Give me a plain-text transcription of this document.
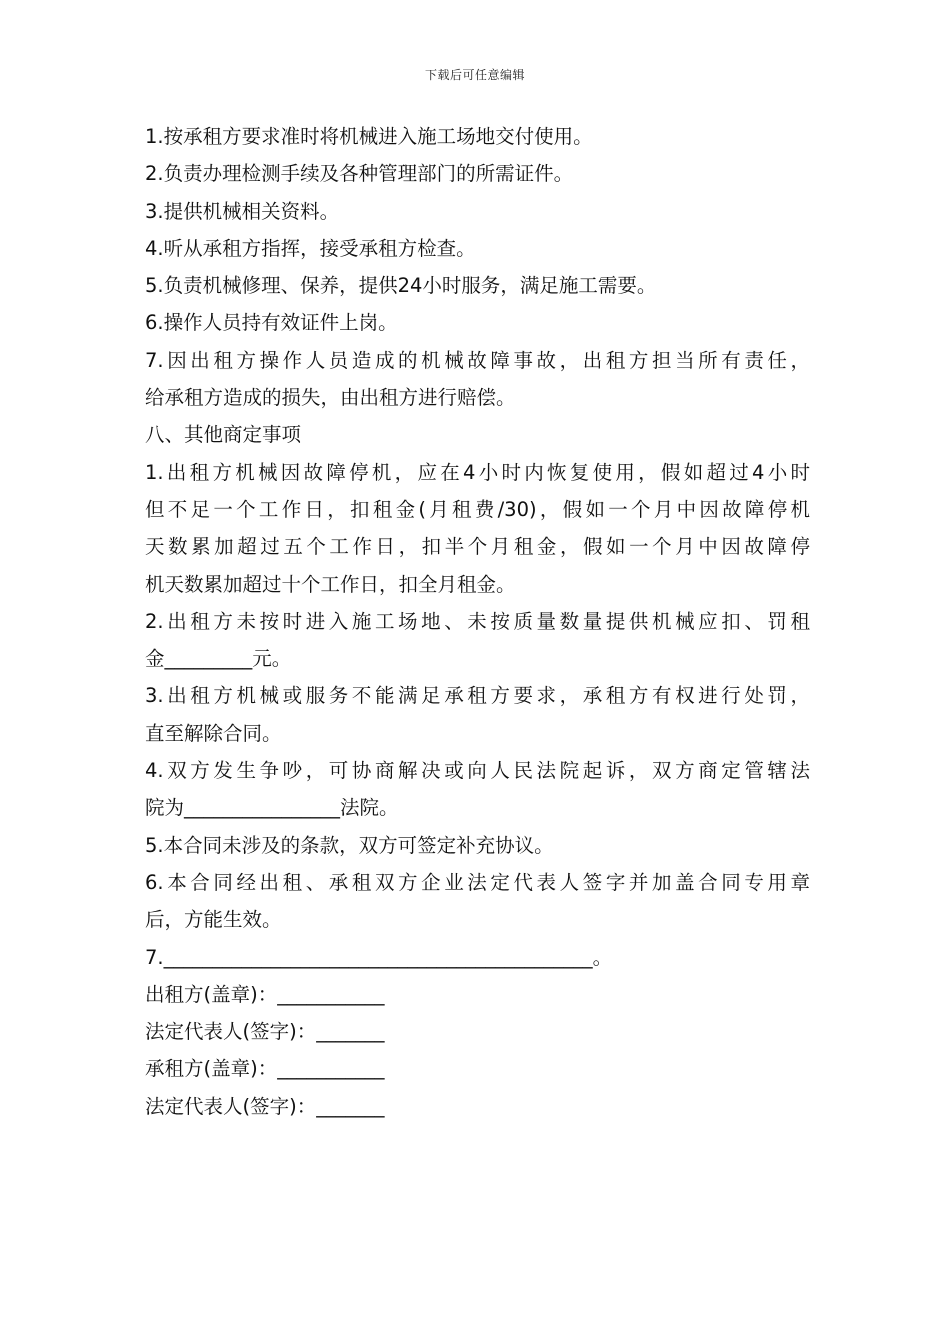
下载后可任意编辑
1.按承租方要求准时将机械进入施工场地交付使用。
2.负责办理检测手续及各种管理部门的所需证件。
3.提供机械相关资料。
4.听从承租方指挥，接受承租方检查。
5.负责机械修理、保养，提供24小时服务，满足施工需要。
6.操作人员持有效证件上岗。
7.因出租方操作人员造成的机械故障事故，出租方担当所有责任，
给承租方造成的损失，由出租方进行赔偿。
八、其他商定事项
1.出租方机械因故障停机，应在4小时内恢复使用，假如超过4小时
但不足一个工作日，扣租金(月租费/30)，假如一个月中因故障停机
天数累加超过五个工作日，扣半个月租金，假如一个月中因故障停
机天数累加超过十个工作日，扣全月租金。
2.出租方未按时进入施工场地、未按质量数量提供机械应扣、罚租
金_________元。
3.出租方机械或服务不能满足承租方要求，承租方有权进行处罚，
直至解除合同。
4.双方发生争吵，可协商解决或向人民法院起诉，双方商定管辖法
院为________________法院。
5.本合同未涉及的条款，双方可签定补充协议。
6.本合同经出租、承租双方企业法定代表人签字并加盖合同专用章
后，方能生效。
7.____________________________________________。
出租方(盖章)：___________
法定代表人(签字)：_______
承租方(盖章)：___________
法定代表人(签字)：_______
